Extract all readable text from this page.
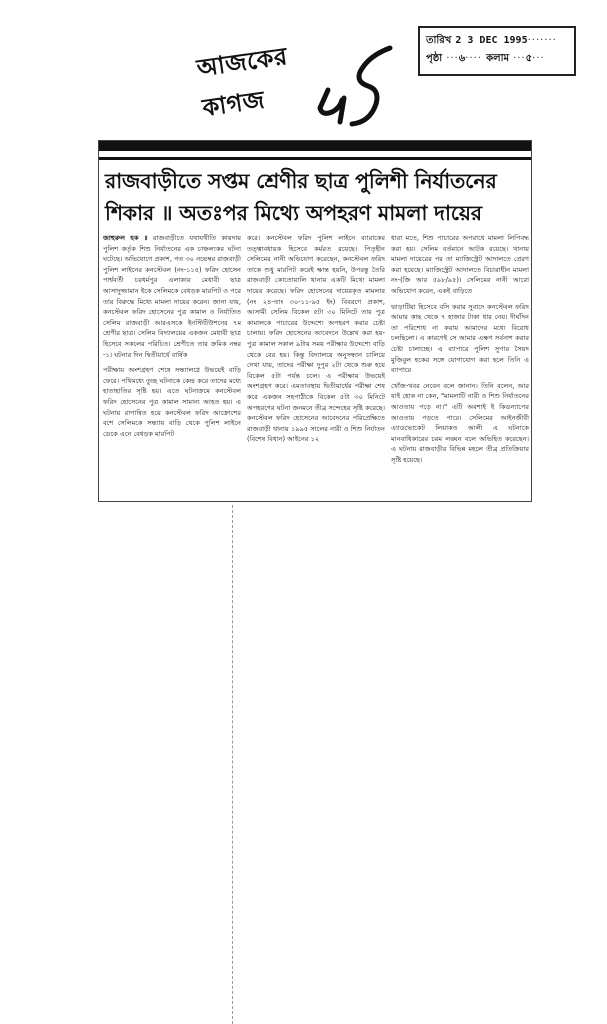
আজকের কাগজ
তারিখ 2 3 DEC 1995 ·······
পৃষ্ঠা ··· ৬ ···· কলাম ··· ৫ ···
রাজবাড়ীতে সপ্তম শ্রেণীর ছাত্র পুলিশী নির্যাতনের
শিকার ॥ অতঃপর মিথ্যে অপহরণ মামলা দায়ের

জাহুরুল হক ॥ রাজবাড়ীতে যথাযথীতি কায়দায় পুলিশ কর্তৃক শিশু নির্যাতনের এক চাঞ্চল্যকর ঘটনা ঘটেছে। অভিযোগে প্রকাশ, গত ৩০ নভেম্বর রাজবাড়ী পুলিশ লাইনের কনস্টেবল (নং-১১৫) ফরিদ হোসেন পার্শ্ববর্তী চরধর্মপুর এলাকার মেধাবী ছাত্র আসাদুজ্জামান ইকে সেলিমকে বেধড়ক মারপিট ও পরে তার বিরুদ্ধে মিথ্যে মামলা দায়ের করেন। জানা যায়, কনস্টেবল ফরিদ হোসেনের পুত্র কামাল ও নির্যাতিত সেলিম রাজবাড়ী আরএসকে ইনস্টিটিউশনের ৭ম শ্রেণীর ছাত্র। সেলিম বিদ্যালয়ের একজন মেধাবী ছাত্র হিসেবে সকলের পরিচিত। শ্রেণীতে তার ক্রমিক নম্বর -১। ঘটনার দিন দ্বিতীয়ার্ধে বার্ষিক

পরীক্ষায় অংশগ্রহণ শেষে সন্ধ্যালগ্নে উভয়েই বাড়ি ফেরে। পথিমধ্যে তুচ্ছ ঘটনাকে কেন্দ্র করে তাদের মধ্যে হাতাহাতির সৃষ্টি হয়। এতে ঘটনাক্রমে কনস্টেবল ফরিদ হোসেনের পুত্র কামাল সামান্য আহত হয়। এ ঘটনায় রাগান্বিত হয়ে কনস্টেবল ফরিদ আক্রোশের বশে সেলিমকে সন্ধ্যায় বাড়ি থেকে পুলিশ লাইনে ডেকে এনে বেধড়ক মারপিট

করে। কনস্টেবল ফরিদ পুলিশ লাইনে ব্যারাকের তত্ত্বাবধায়ক হিসেবে কর্মরত রয়েছে। পিতৃহীন সেলিমের নানী অভিযোগ করেছেন, কনস্টেবল ফরিদ তাকে শুধু মারপিট করেই ক্ষান্ত হয়নি, উপরন্তু তৈরি রাজবাড়ী কোতোয়ালি থানায় একটি মিথ্যে মামলা দায়ের করেছে। ফরিদ হোসেনের দায়েরকৃত মামলার (নং ২৪-তাং ৩০-১১-৯৫ ইং) বিবরণে প্রকাশ, আসামী সেলিম বিকেল ৫টা ৩০ মিনিটে তার পুত্র কামালকে পাচারের উদ্দেশ্যে অপহরণ করার চেষ্টা চালায়। ফরিদ হোসেনের আবেদনে উল্লেখ করা হয়- পুত্র কামাল সকাল ৯টায় সময় পরীক্ষার উদ্দেশ্যে বাড়ি থেকে বের হয়। কিন্তু বিদ্যালয়ে অনুসন্ধান চালিয়ে দেখা যায়, তাদের পরীক্ষা দুপুর ২টা থেকে শুরু হয়ে বিকেল ৫টা পর্যন্ত চলে। এ পরীক্ষায় উভয়েই অংশগ্রহণ করে। এমতাবস্থায় দ্বিতীয়ার্ধের পরীক্ষা শেষ করে একজন সহপাঠীকে বিকেল ৫টা ৩০ মিনিটে অপহরণের ঘটনা জনমনে তীব্র সন্দেহের সৃষ্টি করেছে। কনস্টেবল ফরিদ হোসেনের আবেদনের পরিপ্রেক্ষিতে রাজবাড়ী থানায় ১৯৯৫ সালের নারী ও শিশু নির্যাতন (বিশেষ বিধান) আইনের ১২

ধারা মতে, শিশু পাচারের অপরাধে মামলা লিপিবদ্ধ করা হয়। সেলিম বর্তমানে আটক রয়েছে। থানায় মামলা দায়েরের পর তা ম্যাজিস্ট্রেট আদালতে প্রেরণ করা হয়েছে। ম্যাজিস্ট্রেট আদালতে বিচারাধীন মামলা নং-(জি আর ৫৯৮/৯৫)। সেলিমের নানী আরো অভিযোগ করেন, একই বাড়িতে

ভাড়াটিয়া হিসেবে বসি করার সুবাদে কনস্টেবল ফরিদ আমার কাছ থেকে ৭ হাজার টাকা ধার নেয়। দীর্ঘদিন তা পরিশোধ না করায় আমাদের মধ্যে বিরোধ চলছিলো। এ কারণেই সে আমার এক্ষণ সর্বনাশ করার চেষ্টা চালাচ্ছে। এ ব্যাপারে পুলিশ সুপার সৈয়দ মুজিবুল হকের সঙ্গে যোগাযোগ করা হলে তিনি এ ব্যাপারে

খোঁজ-খবর নেবেন বলে জানান। তিনি বলেন, আর যাই হোক না কেন, "মামলাটি নারী ও শিশু নির্যাতনের আওতায় পড়ে না।" এটি অবশ্যই ই কিডন্যাপের আওতায় পড়তে পারে। সেলিমের আইনজীবী এ্যাডভোকেট লিয়াকত আলী এ ঘটনাকে মানবাধিকারের চরম লঙ্ঘন বলে অভিহিত করেছেন। এ ঘটনায় রাজবাড়ীর বিভিন্ন মহলে তীব্র প্রতিক্রিয়ার সৃষ্টি হয়েছে।
